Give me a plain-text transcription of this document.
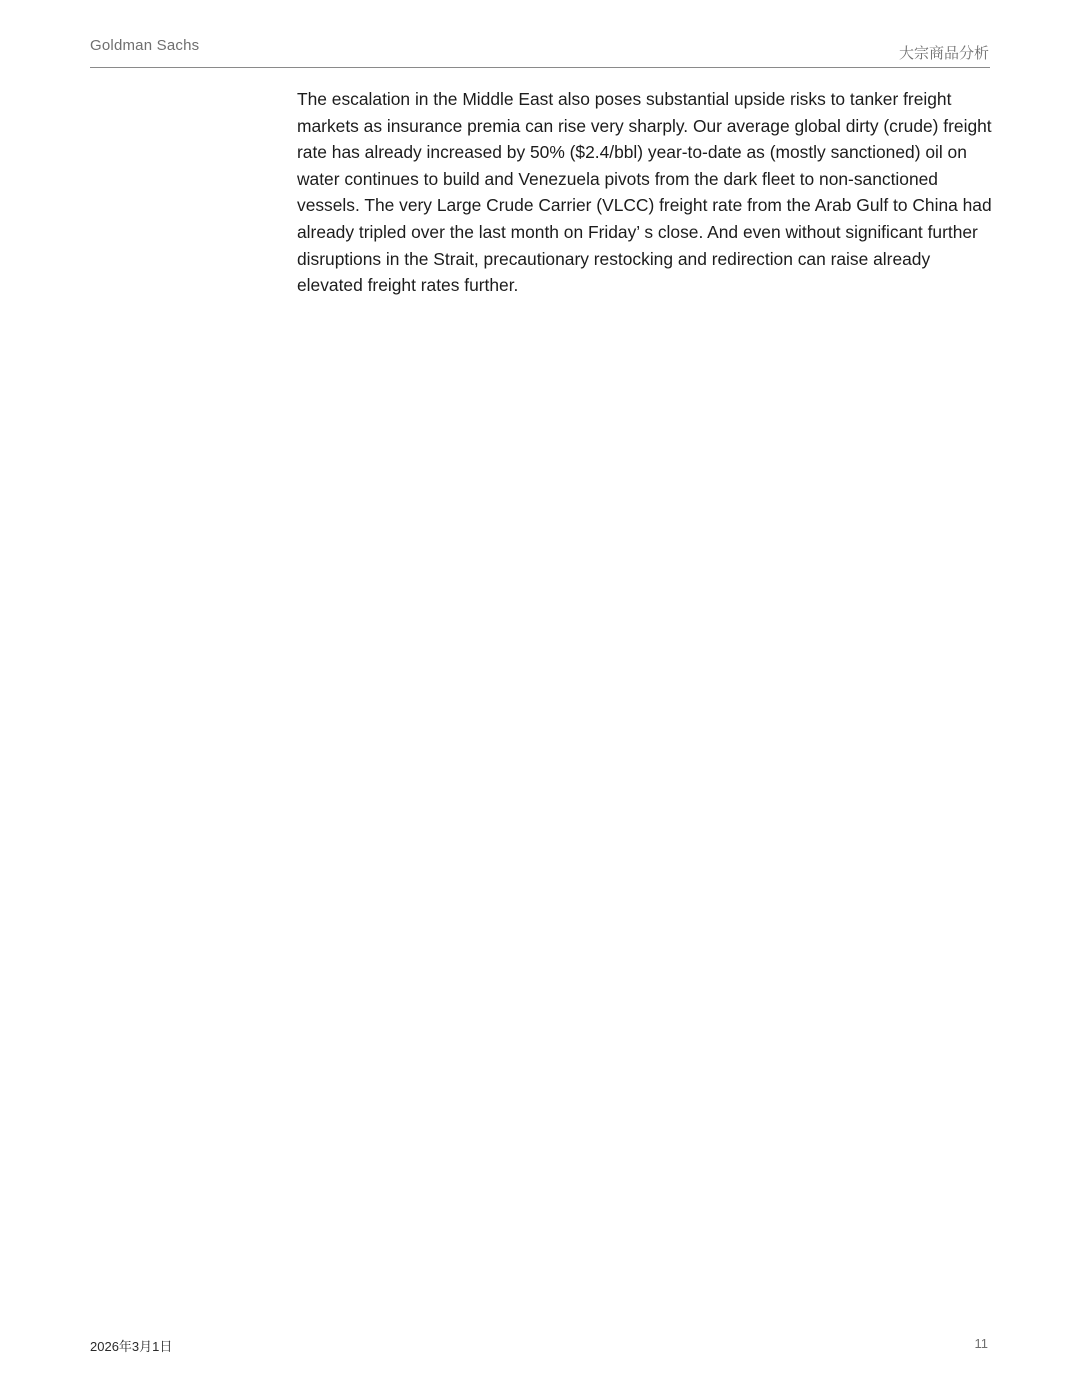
Goldman Sachs	大宗商品分析

The escalation in the Middle East also poses substantial upside risks to tanker freight markets as insurance premia can rise very sharply. Our average global dirty (crude) freight rate has already increased by 50% ($2.4/bbl) year-to-date as (mostly sanctioned) oil on water continues to build and Venezuela pivots from the dark fleet to non-sanctioned vessels. The very Large Crude Carrier (VLCC) freight rate from the Arab Gulf to China had already tripled over the last month on Friday’ s close. And even without significant further disruptions in the Strait, precautionary restocking and redirection can raise already elevated freight rates further.

2026年3月1日	11
